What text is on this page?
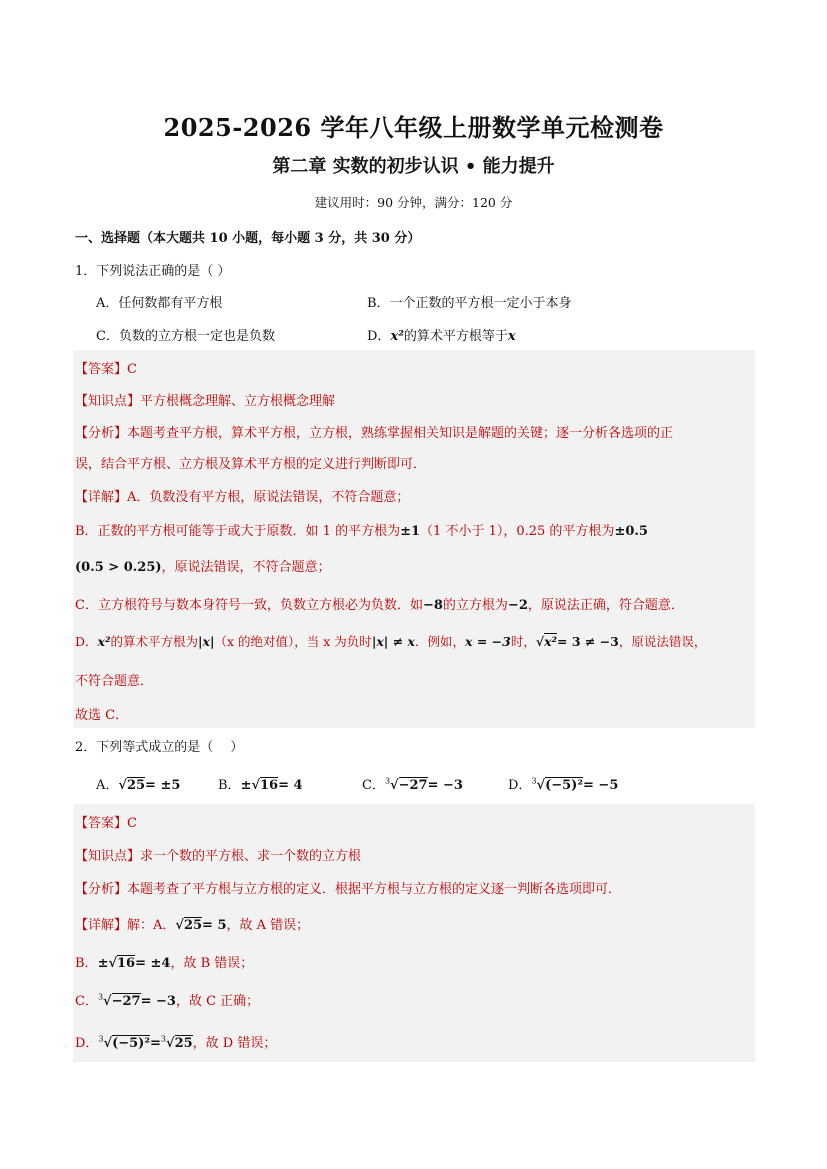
2025-2026 学年八年级上册数学单元检测卷
第二章 实数的初步认识 • 能力提升
建议用时：90 分钟，满分：120 分
一、选择题（本大题共 10 小题，每小题 3 分，共 30 分）
1．下列说法正确的是（ ）
A．任何数都有平方根	B．一个正数的平方根一定小于本身
C．负数的立方根一定也是负数	D．x²的算术平方根等于x
【答案】C
【知识点】平方根概念理解、立方根概念理解
【分析】本题考查平方根，算术平方根，立方根，熟练掌握相关知识是解题的关键；逐一分析各选项的正
误，结合平方根、立方根及算术平方根的定义进行判断即可．
【详解】A．负数没有平方根，原说法错误，不符合题意；
B．正数的平方根可能等于或大于原数．如 1 的平方根为±1（1 不小于 1），0.25 的平方根为±0.5
(0.5 > 0.25)，原说法错误，不符合题意；
C．立方根符号与数本身符号一致，负数立方根必为负数．如−8的立方根为−2，原说法正确，符合题意．
D．x²的算术平方根为|x|（x 的绝对值），当 x 为负时|x| ≠ x．例如，x = −3时，√x²= 3 ≠ −3，原说法错误，
不符合题意．
故选 C．
2．下列等式成立的是（　 ）
A．√25= ±5	B．±√16= 4	C．$^3$√−27= −3	D．$^3$√(−5)²= −5
【答案】C
【知识点】求一个数的平方根、求一个数的立方根
【分析】本题考查了平方根与立方根的定义．根据平方根与立方根的定义逐一判断各选项即可．
【详解】解：A．√25= 5，故 A 错误；
B．±√16= ±4，故 B 错误；
C．$^3$√−27= −3，故 C 正确；
D．$^3$√(−5)²=$^3$√25，故 D 错误；
